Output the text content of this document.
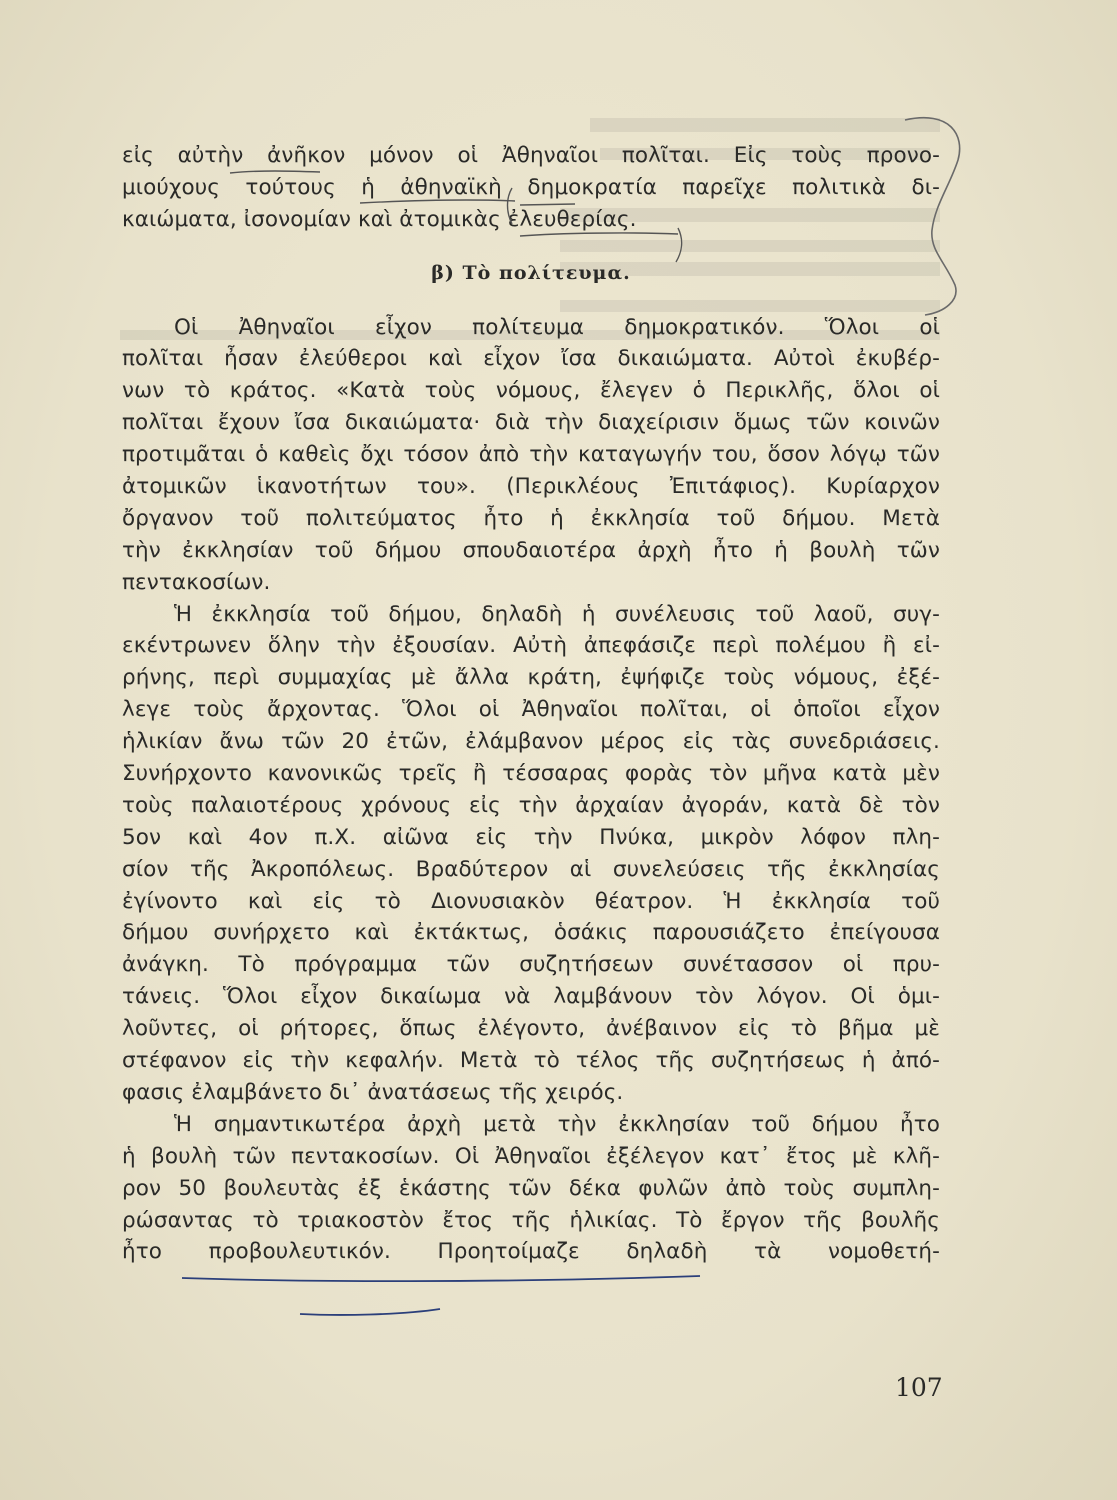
εἰς αὐτὴν ἀνῆκον μόνον οἱ Ἀθηναῖοι πολῖται. Εἰς τοὺς προνο-
μιούχους τούτους ἡ ἀθηναϊκὴ δημοκρατία παρεῖχε πολιτικὰ δι-
καιώματα, ἰσονομίαν καὶ ἀτομικὰς ἐλευθερίας.
β) Τὸ πολίτευμα.
Οἱ Ἀθηναῖοι εἶχον πολίτευμα δημοκρατικόν. Ὅλοι οἱ
πολῖται ἦσαν ἐλεύθεροι καὶ εἶχον ἴσα δικαιώματα. Αὐτοὶ ἐκυβέρ-
νων τὸ κράτος. «Κατὰ τοὺς νόμους, ἔλεγεν ὁ Περικλῆς, ὅλοι οἱ
πολῖται ἔχουν ἴσα δικαιώματα· διὰ τὴν διαχείρισιν ὅμως τῶν κοινῶν
προτιμᾶται ὁ καθεὶς ὄχι τόσον ἀπὸ τὴν καταγωγήν του, ὅσον λόγῳ τῶν
ἀτομικῶν ἱκανοτήτων του». (Περικλέους Ἐπιτάφιος). Κυρίαρχον
ὄργανον τοῦ πολιτεύματος ἦτο ἡ ἐκκλησία τοῦ δήμου. Μετὰ
τὴν ἐκκλησίαν τοῦ δήμου σπουδαιοτέρα ἀρχὴ ἦτο ἡ βουλὴ τῶν
πεντακοσίων.
Ἡ ἐκκλησία τοῦ δήμου, δηλαδὴ ἡ συνέλευσις τοῦ λαοῦ, συγ-
εκέντρωνεν ὅλην τὴν ἐξουσίαν. Αὐτὴ ἀπεφάσιζε περὶ πολέμου ἢ εἰ-
ρήνης, περὶ συμμαχίας μὲ ἄλλα κράτη, ἐψήφιζε τοὺς νόμους, ἐξέ-
λεγε τοὺς ἄρχοντας. Ὅλοι οἱ Ἀθηναῖοι πολῖται, οἱ ὁποῖοι εἶχον
ἡλικίαν ἄνω τῶν 20 ἐτῶν, ἐλάμβανον μέρος εἰς τὰς συνεδριάσεις.
Συνήρχοντο κανονικῶς τρεῖς ἢ τέσσαρας φορὰς τὸν μῆνα κατὰ μὲν
τοὺς παλαιοτέρους χρόνους εἰς τὴν ἀρχαίαν ἀγοράν, κατὰ δὲ τὸν
5ον καὶ 4ον π.Χ. αἰῶνα εἰς τὴν Πνύκα, μικρὸν λόφον πλη-
σίον τῆς Ἀκροπόλεως. Βραδύτερον αἱ συνελεύσεις τῆς ἐκκλησίας
ἐγίνοντο καὶ εἰς τὸ Διονυσιακὸν θέατρον. Ἡ ἐκκλησία τοῦ
δήμου συνήρχετο καὶ ἐκτάκτως, ὁσάκις παρουσιάζετο ἐπείγουσα
ἀνάγκη. Τὸ πρόγραμμα τῶν συζητήσεων συνέτασσον οἱ πρυ-
τάνεις. Ὅλοι εἶχον δικαίωμα νὰ λαμβάνουν τὸν λόγον. Οἱ ὁμι-
λοῦντες, οἱ ρήτορες, ὅπως ἐλέγοντο, ἀνέβαινον εἰς τὸ βῆμα μὲ
στέφανον εἰς τὴν κεφαλήν. Μετὰ τὸ τέλος τῆς συζητήσεως ἡ ἀπό-
φασις ἐλαμβάνετο δι᾽ ἀνατάσεως τῆς χειρός.
Ἡ σημαντικωτέρα ἀρχὴ μετὰ τὴν ἐκκλησίαν τοῦ δήμου ἦτο
ἡ βουλὴ τῶν πεντακοσίων. Οἱ Ἀθηναῖοι ἐξέλεγον κατ᾽ ἔτος μὲ κλῆ-
ρον 50 βουλευτὰς ἐξ ἑκάστης τῶν δέκα φυλῶν ἀπὸ τοὺς συμπλη-
ρώσαντας τὸ τριακοστὸν ἔτος τῆς ἡλικίας. Τὸ ἔργον τῆς βουλῆς
ἦτο προβουλευτικόν. Προητοίμαζε δηλαδὴ τὰ νομοθετή-
107
